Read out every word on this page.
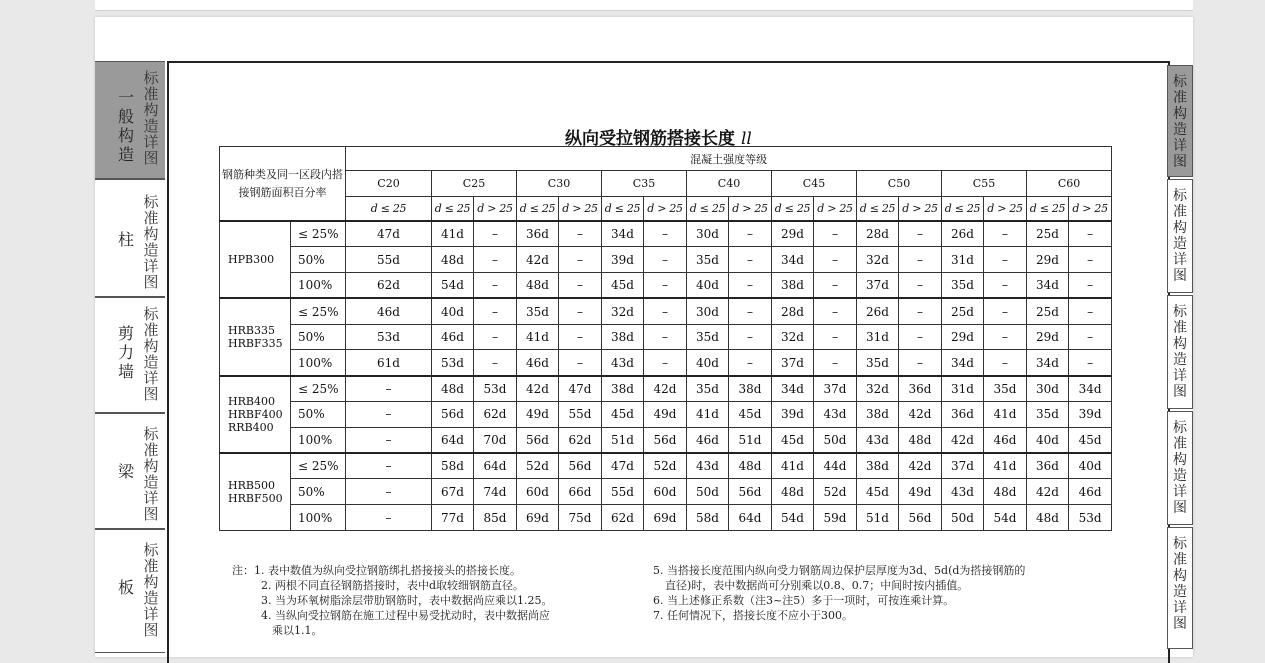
标准构造详图
一般构造
标准构造详图
柱
标准构造详图
剪力墙
标准构造详图
梁
标准构造详图
板
标准构造详图
标准构造详图
标准构造详图
标准构造详图
标准构造详图
纵向受拉钢筋搭接长度 ll
钢筋种类及同一区段内搭接钢筋面积百分率		混凝土强度等级																
		C20	C25		C30		C35		C40		C45		C50		C55		C60	
		d ≤ 25	d ≤ 25	d > 25	d ≤ 25	d > 25	d ≤ 25	d > 25	d ≤ 25	d > 25	d ≤ 25	d > 25	d ≤ 25	d > 25	d ≤ 25	d > 25	d ≤ 25	d > 25
HPB300	≤ 25%	47d	41d	–	36d	–	34d	–	30d	–	29d	–	28d	–	26d	–	25d	–
	50%	55d	48d	–	42d	–	39d	–	35d	–	34d	–	32d	–	31d	–	29d	–
	100%	62d	54d	–	48d	–	45d	–	40d	–	38d	–	37d	–	35d	–	34d	–
HRB335 HRBF335	≤ 25%	46d	40d	–	35d	–	32d	–	30d	–	28d	–	26d	–	25d	–	25d	–
	50%	53d	46d	–	41d	–	38d	–	35d	–	32d	–	31d	–	29d	–	29d	–
	100%	61d	53d	–	46d	–	43d	–	40d	–	37d	–	35d	–	34d	–	34d	–
HRB400 HRBF400 RRB400	≤ 25%	–	48d	53d	42d	47d	38d	42d	35d	38d	34d	37d	32d	36d	31d	35d	30d	34d
	50%	–	56d	62d	49d	55d	45d	49d	41d	45d	39d	43d	38d	42d	36d	41d	35d	39d
	100%	–	64d	70d	56d	62d	51d	56d	46d	51d	45d	50d	43d	48d	42d	46d	40d	45d
HRB500 HRBF500	≤ 25%	–	58d	64d	52d	56d	47d	52d	43d	48d	41d	44d	38d	42d	37d	41d	36d	40d
	50%	–	67d	74d	60d	66d	55d	60d	50d	56d	48d	52d	45d	49d	43d	48d	42d	46d
	100%	–	77d	85d	69d	75d	62d	69d	58d	64d	54d	59d	51d	56d	50d	54d	48d	53d
注：1. 表中数值为纵向受拉钢筋绑扎搭接接头的搭接长度。
2. 两根不同直径钢筋搭接时，表中d取较细钢筋直径。
3. 当为环氧树脂涂层带肋钢筋时，表中数据尚应乘以1.25。
4. 当纵向受拉钢筋在施工过程中易受扰动时，表中数据尚应
乘以1.1。
5. 当搭接长度范围内纵向受力钢筋周边保护层厚度为3d、5d(d为搭接钢筋的
直径)时，表中数据尚可分别乘以0.8、0.7；中间时按内插值。
6. 当上述修正系数（注3~注5）多于一项时，可按连乘计算。
7. 任何情况下，搭接长度不应小于300。
